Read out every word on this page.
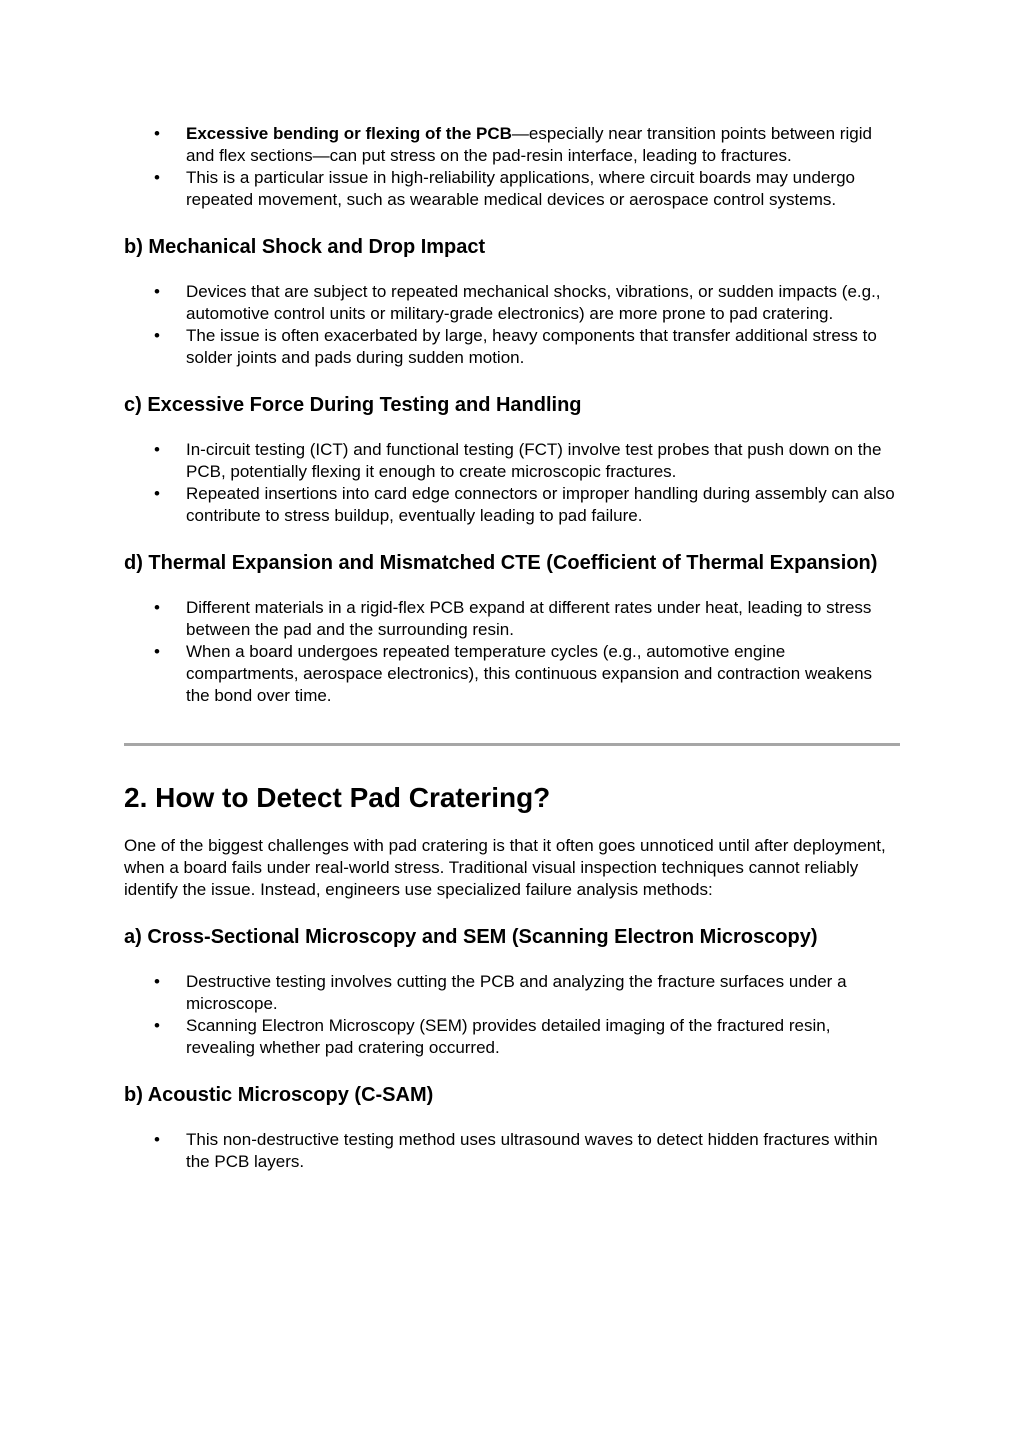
• Excessive bending or flexing of the PCB—especially near transition points between rigid and flex sections—can put stress on the pad-resin interface, leading to fractures.
• This is a particular issue in high-reliability applications, where circuit boards may undergo repeated movement, such as wearable medical devices or aerospace control systems.
b) Mechanical Shock and Drop Impact
• Devices that are subject to repeated mechanical shocks, vibrations, or sudden impacts (e.g., automotive control units or military-grade electronics) are more prone to pad cratering.
• The issue is often exacerbated by large, heavy components that transfer additional stress to solder joints and pads during sudden motion.
c) Excessive Force During Testing and Handling
• In-circuit testing (ICT) and functional testing (FCT) involve test probes that push down on the PCB, potentially flexing it enough to create microscopic fractures.
• Repeated insertions into card edge connectors or improper handling during assembly can also contribute to stress buildup, eventually leading to pad failure.
d) Thermal Expansion and Mismatched CTE (Coefficient of Thermal Expansion)
• Different materials in a rigid-flex PCB expand at different rates under heat, leading to stress between the pad and the surrounding resin.
• When a board undergoes repeated temperature cycles (e.g., automotive engine compartments, aerospace electronics), this continuous expansion and contraction weakens the bond over time.
2. How to Detect Pad Cratering?

One of the biggest challenges with pad cratering is that it often goes unnoticed until after deployment, when a board fails under real-world stress. Traditional visual inspection techniques cannot reliably identify the issue. Instead, engineers use specialized failure analysis methods:

a) Cross-Sectional Microscopy and SEM (Scanning Electron Microscopy)
• Destructive testing involves cutting the PCB and analyzing the fracture surfaces under a microscope.
• Scanning Electron Microscopy (SEM) provides detailed imaging of the fractured resin, revealing whether pad cratering occurred.
b) Acoustic Microscopy (C-SAM)
• This non-destructive testing method uses ultrasound waves to detect hidden fractures within the PCB layers.
